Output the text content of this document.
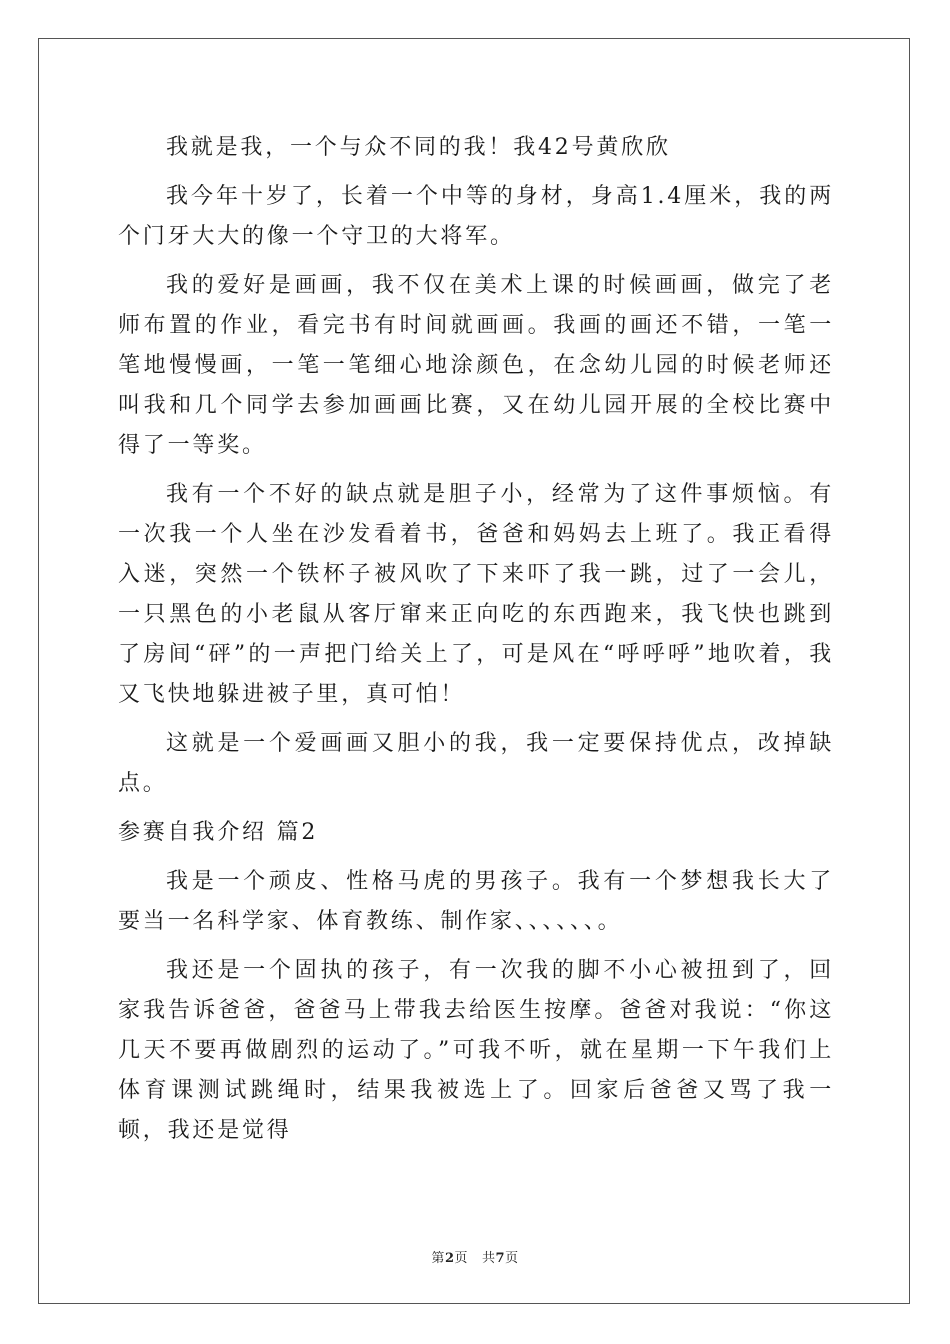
我就是我，一个与众不同的我！我42号黄欣欣

我今年十岁了，长着一个中等的身材，身高1.4厘米，我的两个门牙大大的像一个守卫的大将军。

我的爱好是画画，我不仅在美术上课的时候画画，做完了老师布置的作业，看完书有时间就画画。我画的画还不错，一笔一笔地慢慢画，一笔一笔细心地涂颜色，在念幼儿园的时候老师还叫我和几个同学去参加画画比赛，又在幼儿园开展的全校比赛中得了一等奖。

我有一个不好的缺点就是胆子小，经常为了这件事烦恼。有一次我一个人坐在沙发看着书，爸爸和妈妈去上班了。我正看得入迷，突然一个铁杯子被风吹了下来吓了我一跳，过了一会儿，一只黑色的小老鼠从客厅窜来正向吃的东西跑来，我飞快也跳到了房间“砰”的一声把门给关上了，可是风在“呼呼呼”地吹着，我又飞快地躲进被子里，真可怕！

这就是一个爱画画又胆小的我，我一定要保持优点，改掉缺点。

参赛自我介绍 篇2

我是一个顽皮、性格马虎的男孩子。我有一个梦想我长大了要当一名科学家、体育教练、制作家、、、、、、。

我还是一个固执的孩子，有一次我的脚不小心被扭到了，回家我告诉爸爸，爸爸马上带我去给医生按摩。爸爸对我说：“你这几天不要再做剧烈的运动了。”可我不听，就在星期一下午我们上体育课测试跳绳时，结果我被选上了。回家后爸爸又骂了我一顿，我还是觉得

第2页 共7页
